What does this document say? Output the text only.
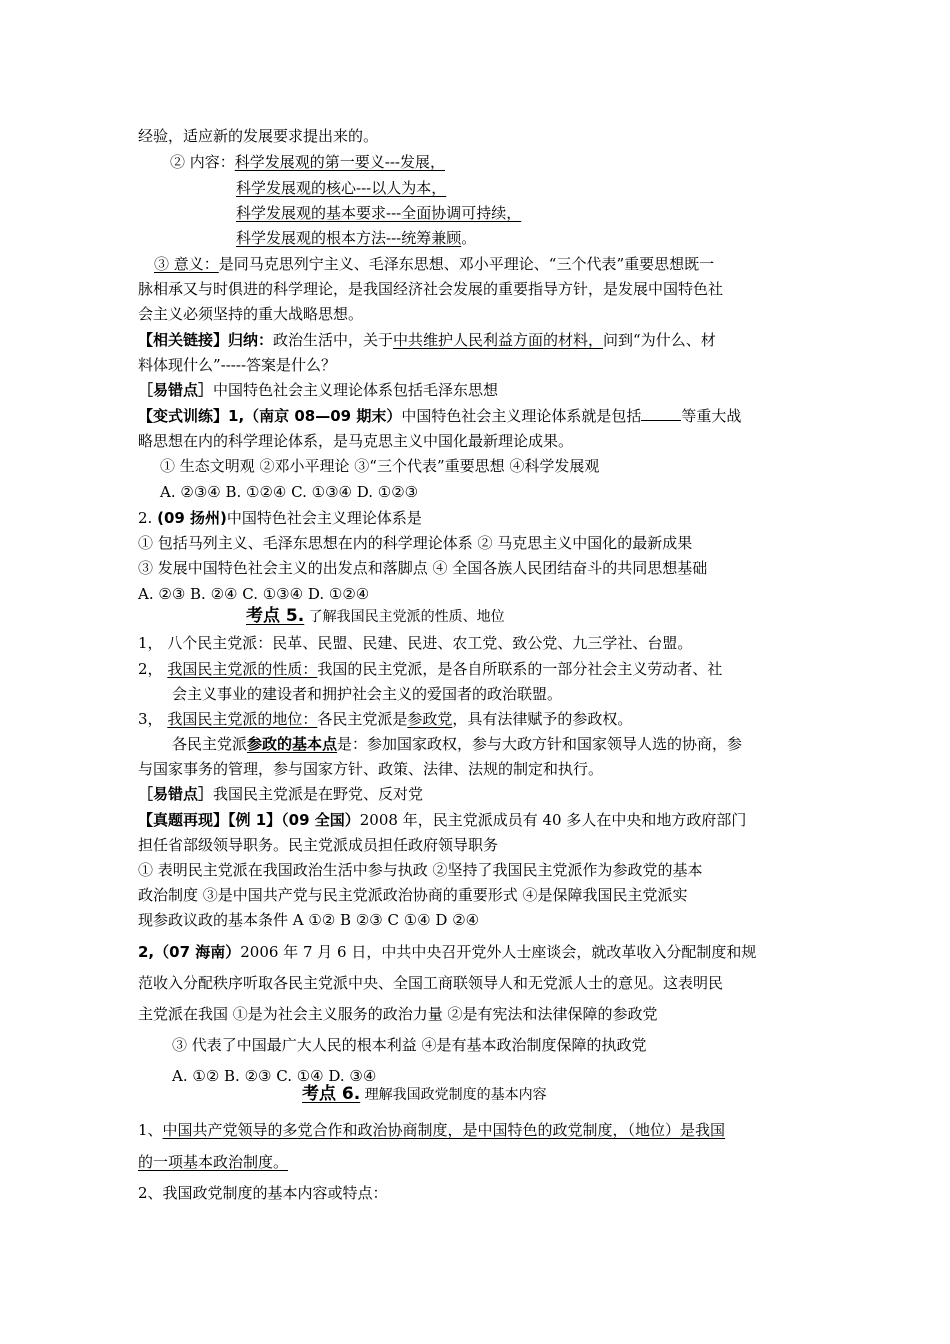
经验，适应新的发展要求提出来的。
② 内容：科学发展观的第一要义---发展，
科学发展观的核心---以人为本，
科学发展观的基本要求---全面协调可持续，
科学发展观的根本方法---统筹兼顾。
③ 意义：是同马克思列宁主义、毛泽东思想、邓小平理论、“三个代表”重要思想既一
脉相承又与时俱进的科学理论，是我国经济社会发展的重要指导方针，是发展中国特色社
会主义必须坚持的重大战略思想。
【相关链接】归纳：政治生活中，关于中共维护人民利益方面的材料，问到“为什么、材
料体现什么”-----答案是什么？
［易错点］中国特色社会主义理论体系包括毛泽东思想
【变式训练】1,（南京 08—09 期末）中国特色社会主义理论体系就是包括	等重大战
略思想在内的科学理论体系，是马克思主义中国化最新理论成果。
① 生态文明观 ②邓小平理论 ③“三个代表”重要思想 ④科学发展观
A. ②③④ B. ①②④ C. ①③④ D. ①②③
2. (09 扬州)中国特色社会主义理论体系是
① 包括马列主义、毛泽东思想在内的科学理论体系 ② 马克思主义中国化的最新成果
③ 发展中国特色社会主义的出发点和落脚点 ④ 全国各族人民团结奋斗的共同思想基础
A. ②③ B. ②④ C. ①③④ D. ①②④
考点 5. 了解我国民主党派的性质、地位
1， 八个民主党派：民革、民盟、民建、民进、农工党、致公党、九三学社、台盟。
2， 我国民主党派的性质：我国的民主党派，是各自所联系的一部分社会主义劳动者、社
会主义事业的建设者和拥护社会主义的爱国者的政治联盟。
3， 我国民主党派的地位：各民主党派是参政党，具有法律赋予的参政权。
各民主党派参政的基本点是：参加国家政权，参与大政方针和国家领导人选的协商，参
与国家事务的管理，参与国家方针、政策、法律、法规的制定和执行。
［易错点］我国民主党派是在野党、反对党
【真题再现】【例 1】（09 全国）2008 年，民主党派成员有 40 多人在中央和地方政府部门
担任省部级领导职务。民主党派成员担任政府领导职务
① 表明民主党派在我国政治生活中参与执政 ②坚持了我国民主党派作为参政党的基本
政治制度 ③是中国共产党与民主党派政治协商的重要形式 ④是保障我国民主党派实
现参政议政的基本条件 A ①② B ②③ C ①④ D ②④
2,（07 海南）2006 年 7 月 6 日，中共中央召开党外人士座谈会，就改革收入分配制度和规
范收入分配秩序听取各民主党派中央、全国工商联领导人和无党派人士的意见。这表明民
主党派在我国 ①是为社会主义服务的政治力量 ②是有宪法和法律保障的参政党
③ 代表了中国最广大人民的根本利益 ④是有基本政治制度保障的执政党
A. ①② B. ②③ C. ①④ D. ③④
考点 6. 理解我国政党制度的基本内容
1、中国共产党领导的多党合作和政治协商制度，是中国特色的政党制度，（地位）是我国
的一项基本政治制度。
2、我国政党制度的基本内容或特点：
